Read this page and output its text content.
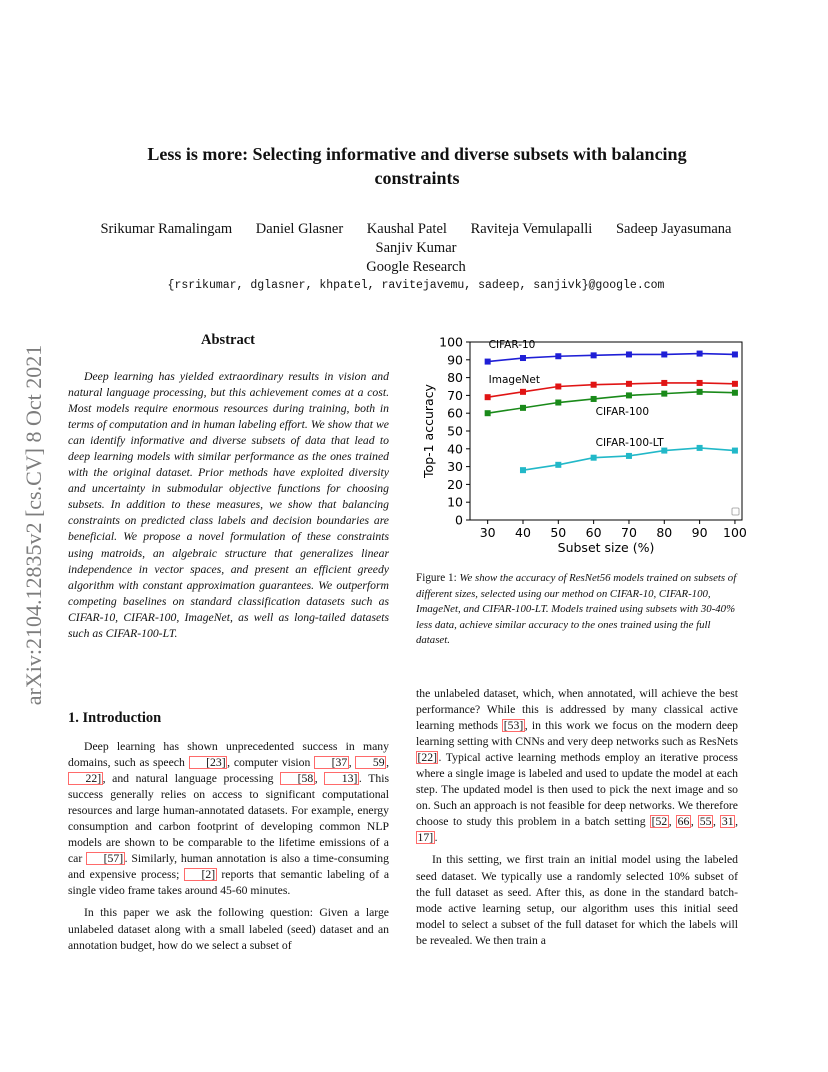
arXiv:2104.12835v2 [cs.CV] 8 Oct 2021
Less is more: Selecting informative and diverse subsets with balancing
constraints
Srikumar Ramalingam Daniel Glasner Kaushal Patel Raviteja Vemulapalli Sadeep Jayasumana
Sanjiv Kumar
Google Research
{rsrikumar, dglasner, khpatel, ravitejavemu, sadeep, sanjivk}@google.com
Abstract
Deep learning has yielded extraordinary results in vision and natural language processing, but this achievement comes at a cost. Most models require enormous resources during training, both in terms of computation and in human labeling effort. We show that we can identify informative and diverse subsets of data that lead to deep learning models with similar performance as the ones trained with the original dataset. Prior methods have exploited diversity and uncertainty in submodular objective functions for choosing subsets. In addition to these measures, we show that balancing constraints on predicted class labels and decision boundaries are beneficial. We propose a novel formulation of these constraints using matroids, an algebraic structure that generalizes linear independence in vector spaces, and present an efficient greedy algorithm with constant approximation guarantees. We outperform competing baselines on standard classification datasets such as CIFAR-10, CIFAR-100, ImageNet, as well as long-tailed datasets such as CIFAR-100-LT.
0
10
20
30
40
50
60
70
80
90
100
30 40 50 60 70 80 90 100
Subset size (%)
Top-1 accuracy
CIFAR-10
ImageNet
CIFAR-100
CIFAR-100-LT
Figure 1: We show the accuracy of ResNet56 models trained on subsets of different sizes, selected using our method on CIFAR-10, CIFAR-100, ImageNet, and CIFAR-100-LT. Models trained using subsets with 30-40% less data, achieve similar accuracy to the ones trained using the full dataset.
1. Introduction

Deep learning has shown unprecedented success in many domains, such as speech [23] , computer vision [37 , 59 , 22] , and natural language processing [58 , 13] . This success generally relies on access to significant computational resources and large human-annotated datasets. For example, energy consumption and carbon footprint of developing common NLP models are shown to be comparable to the lifetime emissions of a car [57] . Similarly, human annotation is also a time-consuming and expensive process; [2] reports that semantic labeling of a single video frame takes around 45-60 minutes.

In this paper we ask the following question: Given a large unlabeled dataset along with a small labeled (seed) dataset and an annotation budget, how do we select a subset of

the unlabeled dataset, which, when annotated, will achieve the best performance? While this is addressed by many classical active learning methods [53] , in this work we focus on the modern deep learning setting with CNNs and very deep networks such as ResNets [22] . Typical active learning methods employ an iterative process where a single image is labeled and used to update the model at each step. The updated model is then used to pick the next image and so on. Such an approach is not feasible for deep networks. We therefore choose to study this problem in a batch setting [52 , 66 , 55 , 31 , 17] .

In this setting, we first train an initial model using the labeled seed dataset. We typically use a randomly selected 10% subset of the full dataset as seed. After this, as done in the standard batch-mode active learning setup, our algorithm uses this initial seed model to select a subset of the full dataset for which the labels will be revealed. We then train a
